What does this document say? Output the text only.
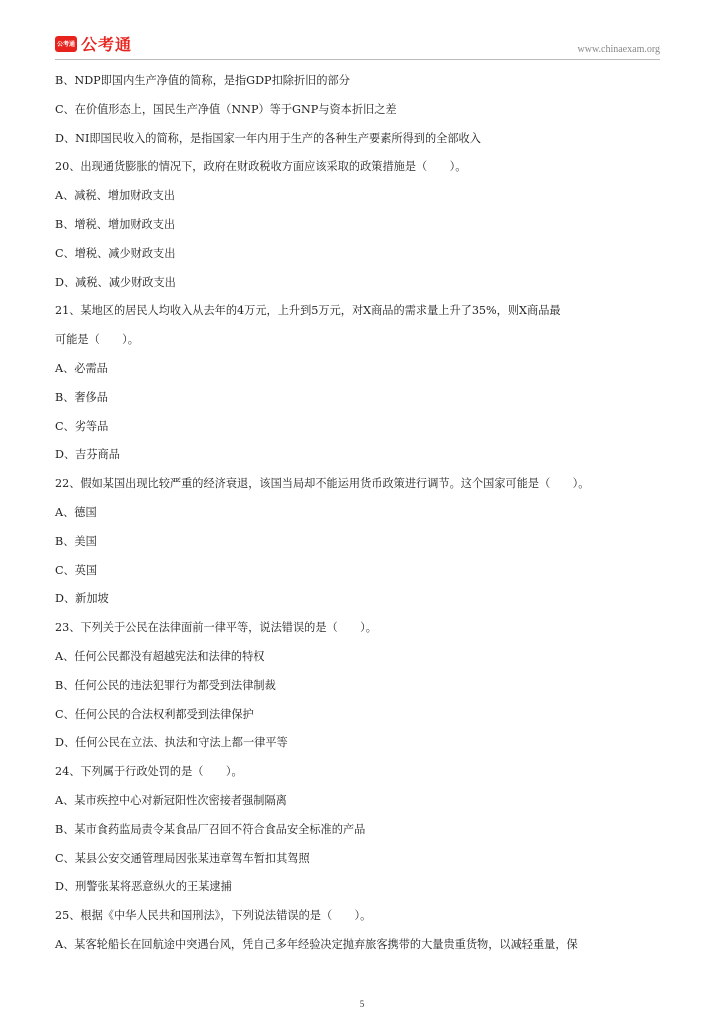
公考通 公考通	www.chinaexam.org

B、NDP即国内生产净值的简称，是指GDP扣除折旧的部分

C、在价值形态上，国民生产净值（NNP）等于GNP与资本折旧之差

D、NI即国民收入的简称，是指国家一年内用于生产的各种生产要素所得到的全部收入

20、出现通货膨胀的情况下，政府在财政税收方面应该采取的政策措施是（　　）。

A、减税、增加财政支出

B、增税、增加财政支出

C、增税、减少财政支出

D、减税、减少财政支出

21、某地区的居民人均收入从去年的4万元，上升到5万元，对X商品的需求量上升了35%，则X商品最

可能是（　　）。

A、必需品

B、奢侈品

C、劣等品

D、吉芬商品

22、假如某国出现比较严重的经济衰退，该国当局却不能运用货币政策进行调节。这个国家可能是（　　）。

A、德国

B、美国

C、英国

D、新加坡

23、下列关于公民在法律面前一律平等，说法错误的是（　　）。

A、任何公民都没有超越宪法和法律的特权

B、任何公民的违法犯罪行为都受到法律制裁

C、任何公民的合法权利都受到法律保护

D、任何公民在立法、执法和守法上都一律平等

24、下列属于行政处罚的是（　　）。

A、某市疾控中心对新冠阳性次密接者强制隔离

B、某市食药监局责令某食品厂召回不符合食品安全标准的产品

C、某县公安交通管理局因张某违章驾车暂扣其驾照

D、刑警张某将恶意纵火的王某逮捕

25、根据《中华人民共和国刑法》，下列说法错误的是（　　）。

A、某客轮船长在回航途中突遇台风，凭自己多年经验决定抛弃旅客携带的大量贵重货物，以减轻重量，保

5
